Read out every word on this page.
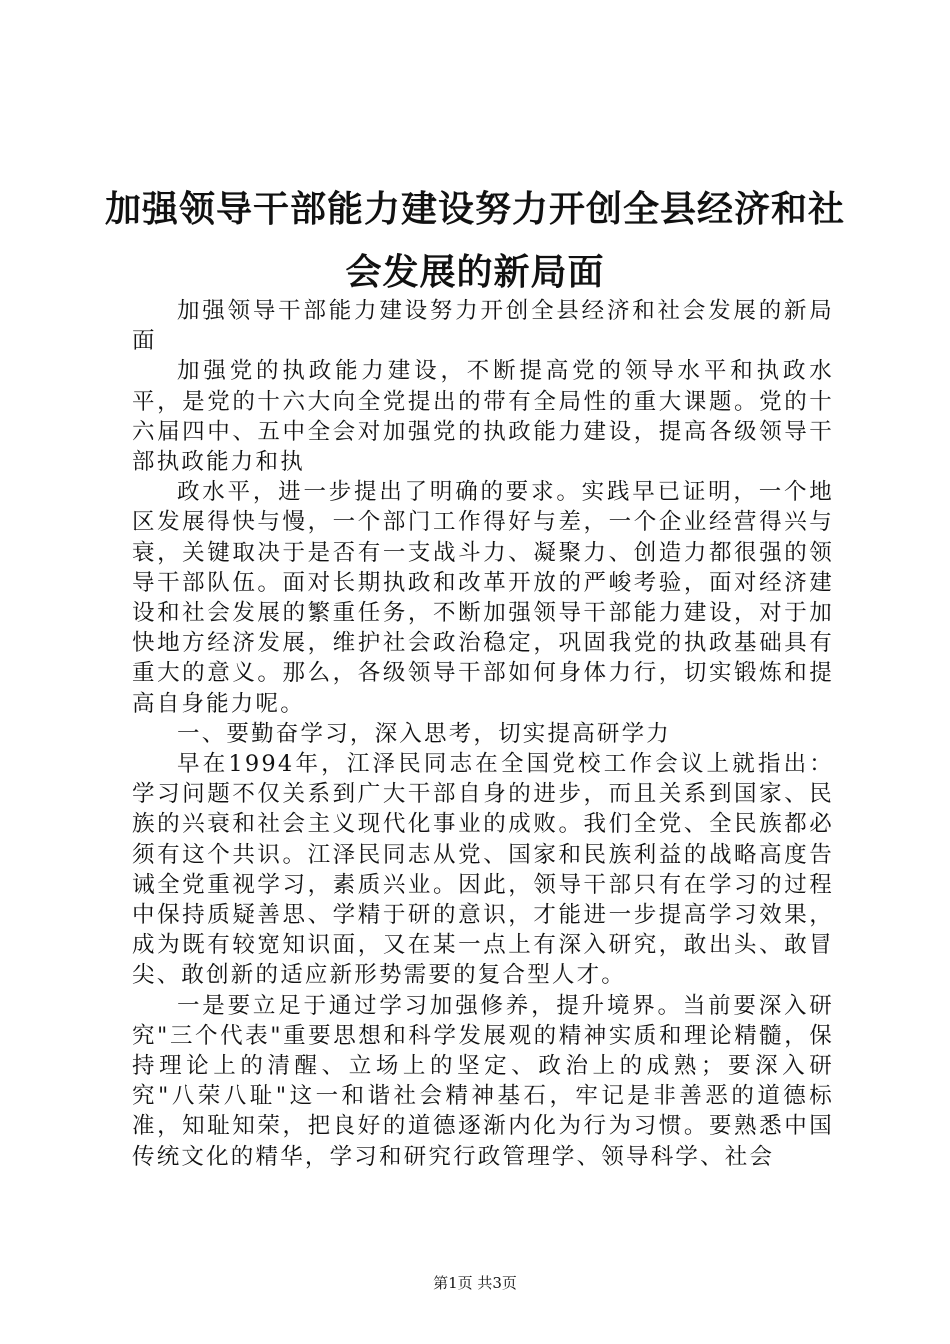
加强领导干部能力建设努力开创全县经济和社会发展的新局面

加强领导干部能力建设努力开创全县经济和社会发展的新局面

加强党的执政能力建设，不断提高党的领导水平和执政水平，是党的十六大向全党提出的带有全局性的重大课题。党的十六届四中、五中全会对加强党的执政能力建设，提高各级领导干部执政能力和执

政水平，进一步提出了明确的要求。实践早已证明，一个地区发展得快与慢，一个部门工作得好与差，一个企业经营得兴与衰，关键取决于是否有一支战斗力、凝聚力、创造力都很强的领导干部队伍。面对长期执政和改革开放的严峻考验，面对经济建设和社会发展的繁重任务，不断加强领导干部能力建设，对于加快地方经济发展，维护社会政治稳定，巩固我党的执政基础具有重大的意义。那么，各级领导干部如何身体力行，切实锻炼和提高自身能力呢。

一、要勤奋学习，深入思考，切实提高研学力

早在1994年，江泽民同志在全国党校工作会议上就指出：学习问题不仅关系到广大干部自身的进步，而且关系到国家、民族的兴衰和社会主义现代化事业的成败。我们全党、全民族都必须有这个共识。江泽民同志从党、国家和民族利益的战略高度告诫全党重视学习，素质兴业。因此，领导干部只有在学习的过程中保持质疑善思、学精于研的意识，才能进一步提高学习效果，成为既有较宽知识面，又在某一点上有深入研究，敢出头、敢冒尖、敢创新的适应新形势需要的复合型人才。

一是要立足于通过学习加强修养，提升境界。当前要深入研究"三个代表"重要思想和科学发展观的精神实质和理论精髓，保持理论上的清醒、立场上的坚定、政治上的成熟；要深入研究"八荣八耻"这一和谐社会精神基石，牢记是非善恶的道德标准，知耻知荣，把良好的道德逐渐内化为行为习惯。要熟悉中国传统文化的精华，学习和研究行政管理学、领导科学、社会

第1页 共3页
